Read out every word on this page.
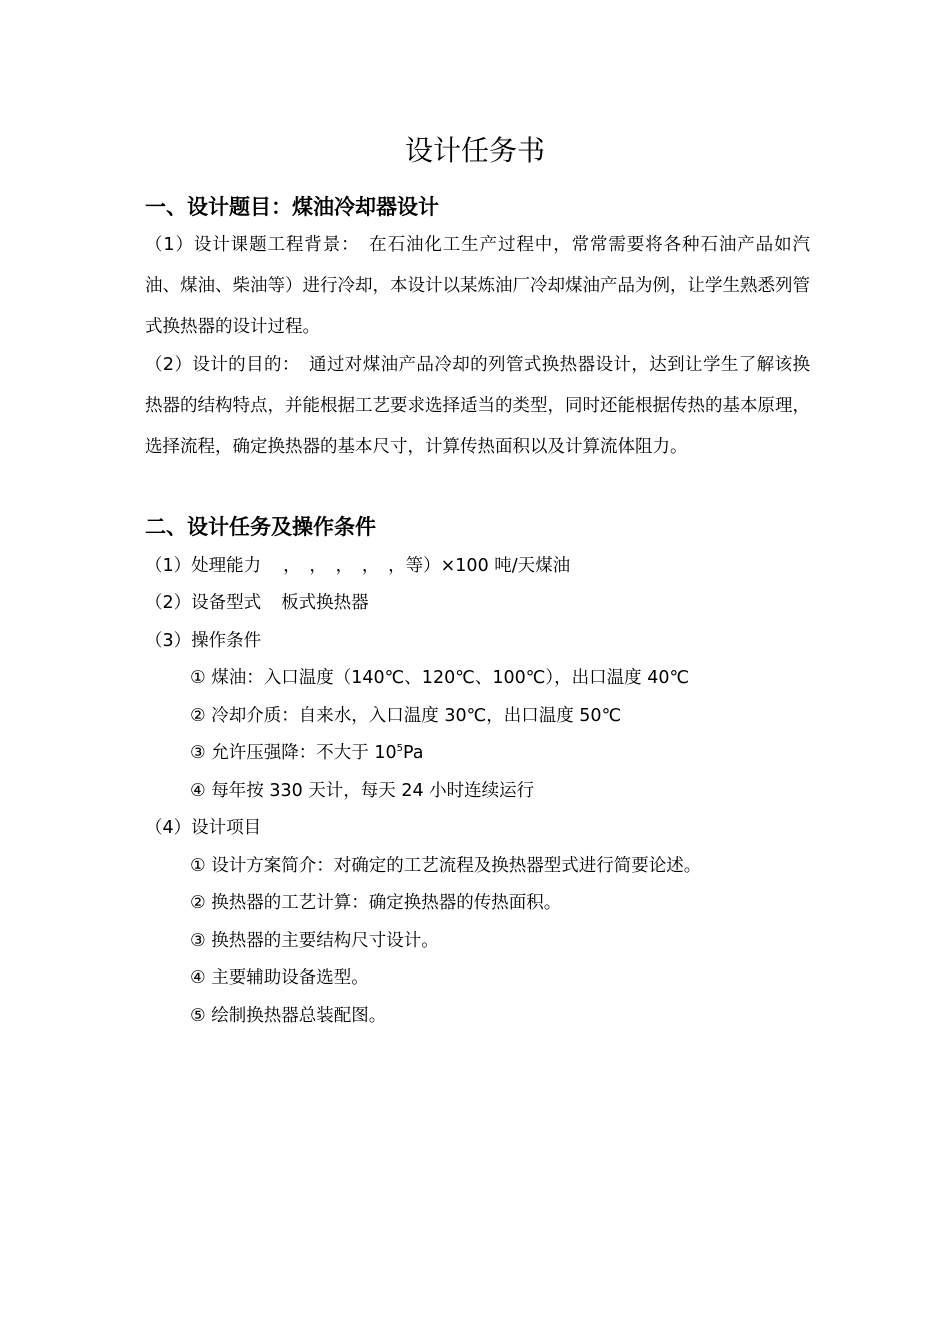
设计任务书
一、设计题目：煤油冷却器设计
（1）设计课题工程背景：　在石油化工生产过程中，常常需要将各种石油产品如汽油、煤油、柴油等）进行冷却，本设计以某炼油厂冷却煤油产品为例，让学生熟悉列管式换热器的设计过程。
（2）设计的目的：　通过对煤油产品冷却的列管式换热器设计，达到让学生了解该换热器的结构特点，并能根据工艺要求选择适当的类型，同时还能根据传热的基本原理，选择流程，确定换热器的基本尺寸，计算传热面积以及计算流体阻力。
二、设计任务及操作条件
（1）处理能力 ，　，　，　，　，等）×100 吨/天煤油
（2）设备型式 板式换热器
（3）操作条件
① 煤油：入口温度（140℃、120℃、100℃），出口温度 40℃
② 冷却介质：自来水，入口温度 30℃，出口温度 50℃
③ 允许压强降：不大于 $10^5Pa$
④ 每年按 330 天计，每天 24 小时连续运行
（4）设计项目
① 设计方案简介：对确定的工艺流程及换热器型式进行简要论述。
② 换热器的工艺计算：确定换热器的传热面积。
③ 换热器的主要结构尺寸设计。
④ 主要辅助设备选型。
⑤ 绘制换热器总装配图。
